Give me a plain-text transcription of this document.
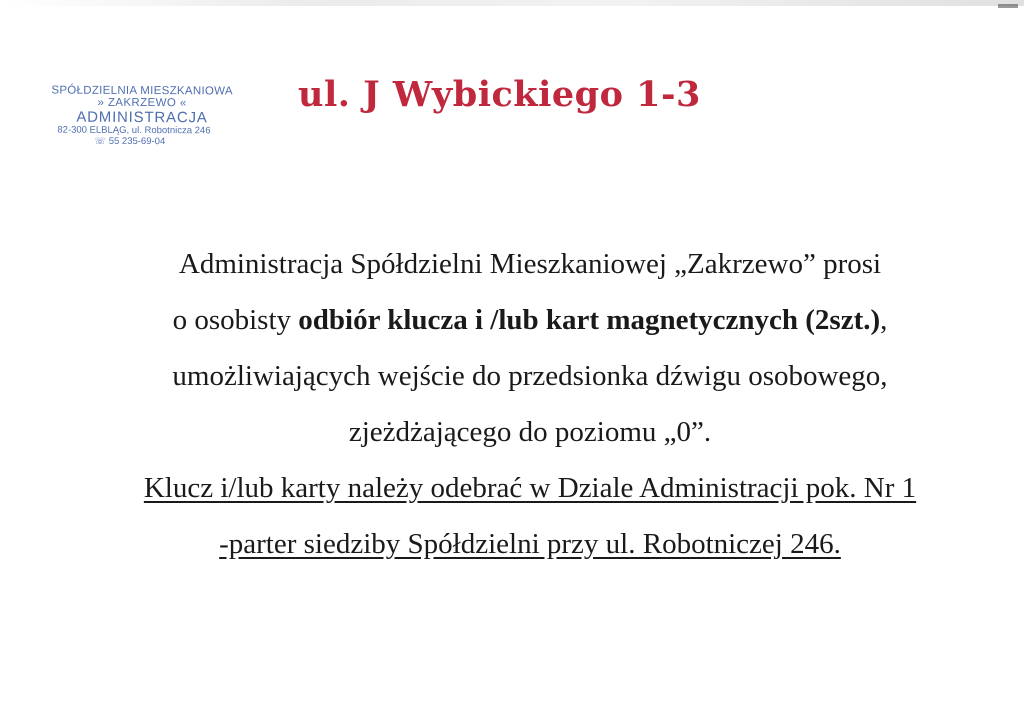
SPÓŁDZIELNIA MIESZKANIOWA
» ZAKRZEWO «
ADMINISTRACJA
82-300 ELBLĄG, ul. Robotnicza 246
☏ 55 235-69-04
ul. J Wybickiego 1-3
Administracja Spółdzielni Mieszkaniowej „Zakrzewo” prosi
o osobisty odbiór klucza i /lub kart magnetycznych (2szt.),
umożliwiających wejście do przedsionka dźwigu osobowego,
zjeżdżającego do poziomu „0”.
Klucz i/lub karty należy odebrać w Dziale Administracji pok. Nr 1
-parter siedziby Spółdzielni przy ul. Robotniczej 246.
